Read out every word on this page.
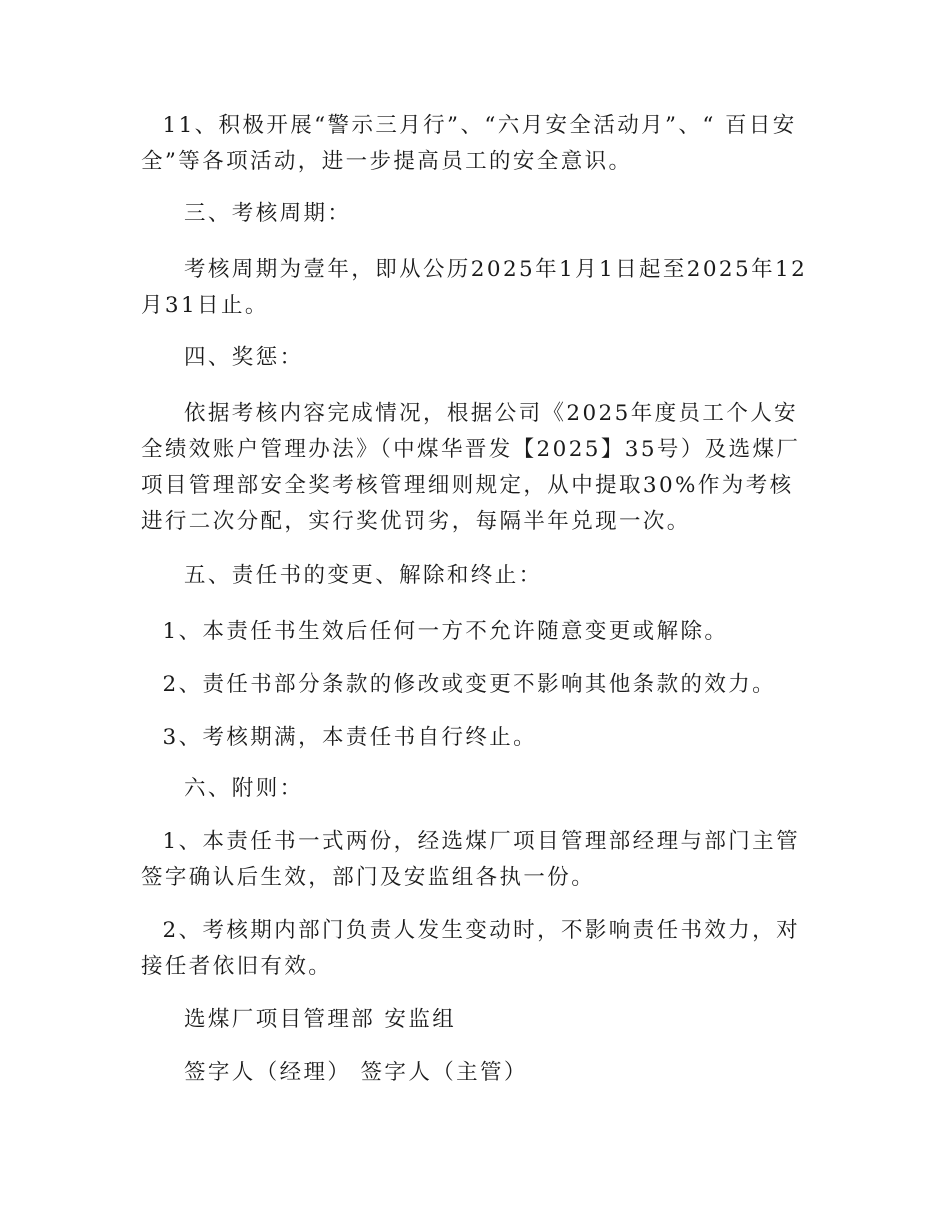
11、积极开展“警示三月行”、“六月安全活动月”、“ 百日安全”等各项活动，进一步提高员工的安全意识。

三、考核周期：

考核周期为壹年，即从公历2025年1月1日起至2025年12月31日止。

四、奖惩：

依据考核内容完成情况，根据公司《2025年度员工个人安全绩效账户管理办法》（中煤华晋发【2025】35号）及选煤厂项目管理部安全奖考核管理细则规定，从中提取30%作为考核进行二次分配，实行奖优罚劣，每隔半年兑现一次。

五、责任书的变更、解除和终止：

1、本责任书生效后任何一方不允许随意变更或解除。

2、责任书部分条款的修改或变更不影响其他条款的效力。

3、考核期满，本责任书自行终止。

六、附则：

1、本责任书一式两份，经选煤厂项目管理部经理与部门主管签字确认后生效，部门及安监组各执一份。

2、考核期内部门负责人发生变动时，不影响责任书效力，对接任者依旧有效。

选煤厂项目管理部 安监组

签字人（经理） 签字人（主管）
